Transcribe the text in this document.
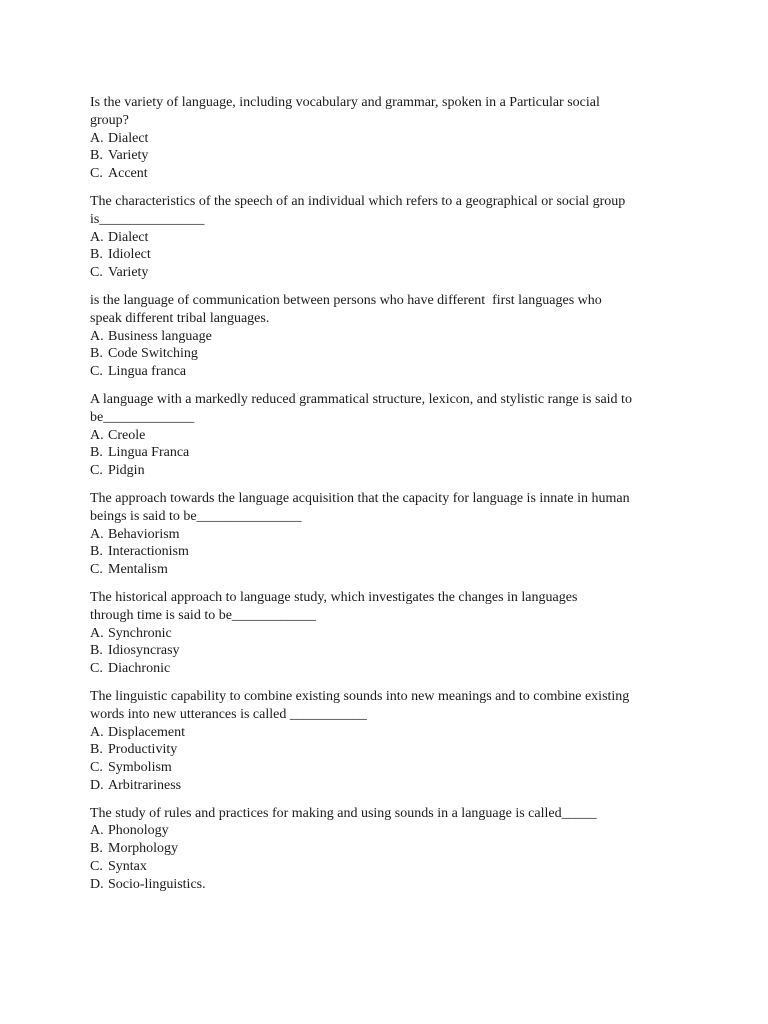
Is the variety of language, including vocabulary and grammar, spoken in a Particular social
group?
A. Dialect
B. Variety
C. Accent
The characteristics of the speech of an individual which refers to a geographical or social group
is_______________
A. Dialect
B. Idiolect
C. Variety
is the language of communication between persons who have different  first languages who
speak different tribal languages.
A. Business language
B. Code Switching
C. Lingua franca
A language with a markedly reduced grammatical structure, lexicon, and stylistic range is said to
be_____________
A. Creole
B. Lingua Franca
C. Pidgin
The approach towards the language acquisition that the capacity for language is innate in human
beings is said to be_______________
A. Behaviorism
B. Interactionism
C. Mentalism
The historical approach to language study, which investigates the changes in languages
through time is said to be____________
A. Synchronic
B. Idiosyncrasy
C. Diachronic
The linguistic capability to combine existing sounds into new meanings and to combine existing
words into new utterances is called ___________
A. Displacement
B. Productivity
C. Symbolism
D. Arbitrariness
The study of rules and practices for making and using sounds in a language is called_____
A. Phonology
B. Morphology
C. Syntax
D. Socio-linguistics.
